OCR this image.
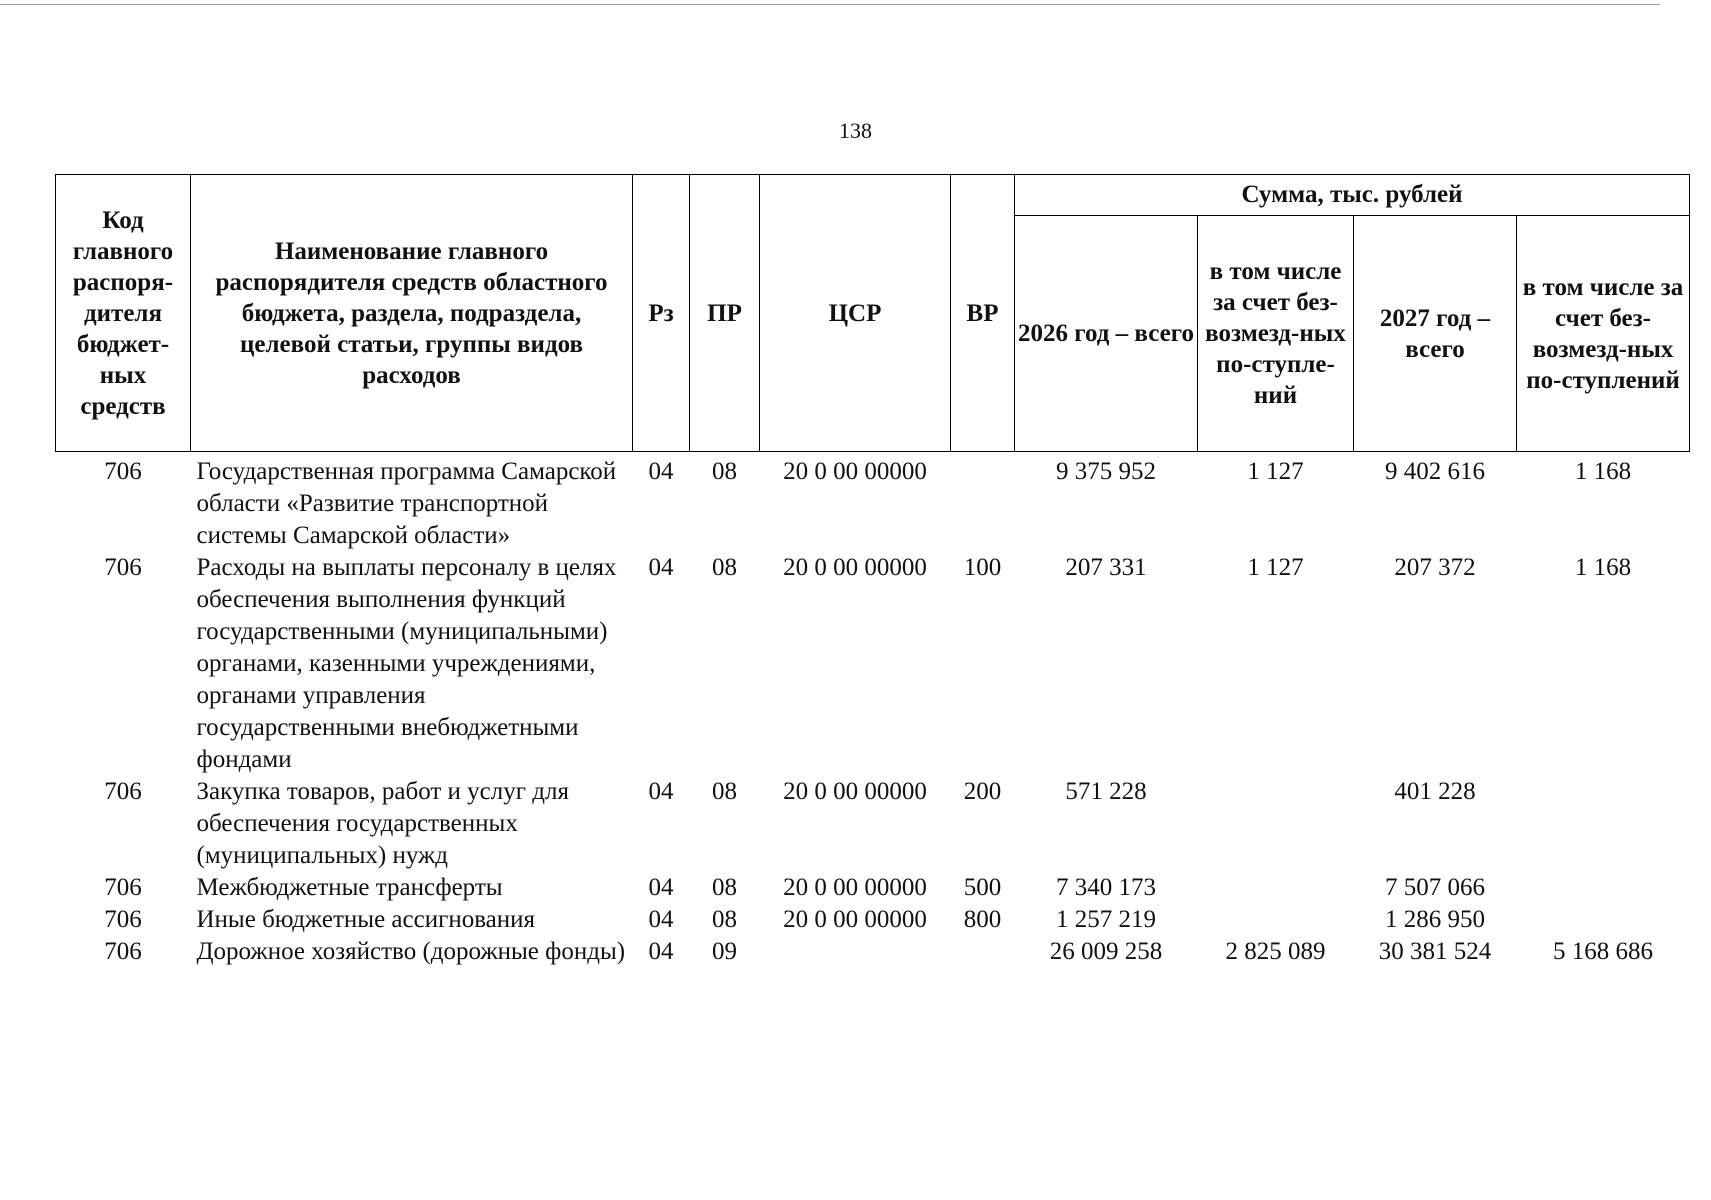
138
Код главного распоря-дителя бюджет-ных средств	Наименование главного распорядителя средств областного бюджета, раздела, подраздела, целевой статьи, группы видов расходов	Рз	ПР	ЦСР	ВР	Сумма, тыс. рублей			
						2026 год – всего	в том числе за счет без-возмезд-ных по-ступле-ний	2027 год – всего	в том числе за счет без-возмезд-ных по-ступлений
706	Государственная программа Самарской области «Развитие транспортной системы Самарской области»	04	08	20 0 00 00000		9 375 952	1 127	9 402 616	1 168
706	Расходы на выплаты персоналу в целях обеспечения выполнения функций государственными (муниципальными) органами, казенными учреждениями, органами управления государственными внебюджетными фондами	04	08	20 0 00 00000	100	207 331	1 127	207 372	1 168
706	Закупка товаров, работ и услуг для обеспечения государственных (муниципальных) нужд	04	08	20 0 00 00000	200	571 228		401 228	
706	Межбюджетные трансферты	04	08	20 0 00 00000	500	7 340 173		7 507 066	
706	Иные бюджетные ассигнования	04	08	20 0 00 00000	800	1 257 219		1 286 950	
706	Дорожное хозяйство (дорожные фонды)	04	09			26 009 258	2 825 089	30 381 524	5 168 686
